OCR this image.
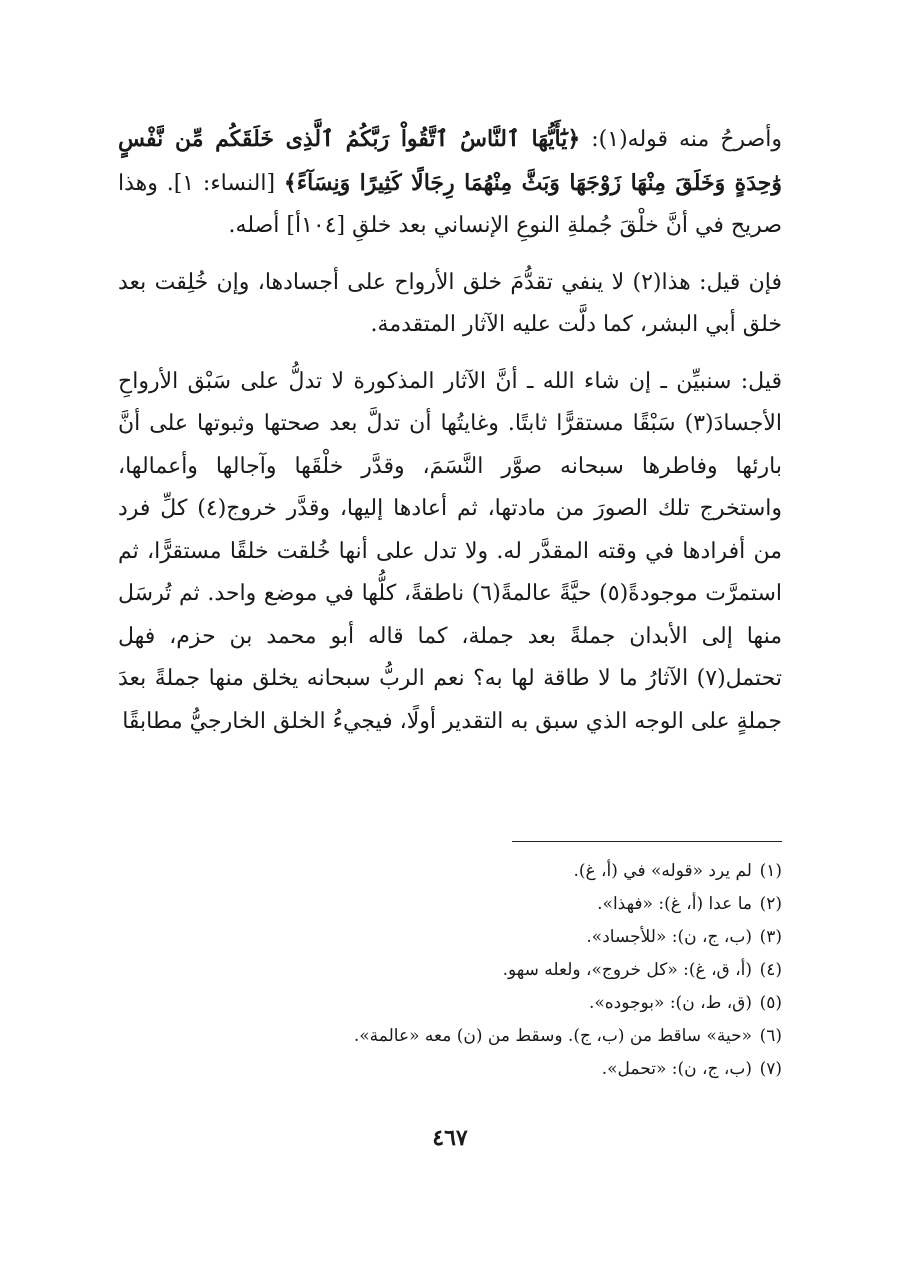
وأصرحُ منه قوله(١): ﴿يَٰٓأَيُّهَا ٱلنَّاسُ ٱتَّقُواْ رَبَّكُمُ ٱلَّذِى خَلَقَكُم مِّن نَّفْسٍ وَٰحِدَةٍ وَخَلَقَ مِنْهَا زَوْجَهَا وَبَثَّ مِنْهُمَا رِجَالًا كَثِيرًا وَنِسَآءً﴾ [النساء: ١]. وهذا صريح في أنَّ خلْقَ جُملةِ النوعِ الإنساني بعد خلقِ [١٠٤أ] أصله.

فإن قيل: هذا(٢) لا ينفي تقدُّمَ خلق الأرواح على أجسادها، وإن خُلِقت بعد خلق أبي البشر، كما دلَّت عليه الآثار المتقدمة.

قيل: سنبيِّن ـ إن شاء الله ـ أنَّ الآثار المذكورة لا تدلُّ على سَبْق الأرواحِ الأجسادَ(٣) سَبْقًا مستقرًّا ثابتًا. وغايتُها أن تدلَّ بعد صحتها وثبوتها على أنَّ بارئها وفاطرها سبحانه صوَّر النَّسَمَ، وقدَّر خلْقَها وآجالها وأعمالها، واستخرج تلك الصورَ من مادتها، ثم أعادها إليها، وقدَّر خروج(٤) كلِّ فرد من أفرادها في وقته المقدَّر له. ولا تدل على أنها خُلقت خلقًا مستقرًّا، ثم استمرَّت موجودةً(٥) حيَّةً عالمةً(٦) ناطقةً، كلُّها في موضع واحد. ثم تُرسَل منها إلى الأبدان جملةً بعد جملة، كما قاله أبو محمد بن حزم، فهل تحتمل(٧) الآثارُ ما لا طاقة لها به؟ نعم الربُّ سبحانه يخلق منها جملةً بعدَ جملةٍ على الوجه الذي سبق به التقدير أولًا، فيجيءُ الخلق الخارجيُّ مطابقًا

(١)لم يرد «قوله» في (أ، غ).
(٢)ما عدا (أ، غ): «فهذا».
(٣)(ب، ج، ن): «للأجساد».
(٤)(أ، ق، غ): «كل خروج»، ولعله سهو.
(٥)(ق، ط، ن): «بوجوده».
(٦)«حية» ساقط من (ب، ج). وسقط من (ن) معه «عالمة».
(٧)(ب، ج، ن): «تحمل».
٤٦٧
